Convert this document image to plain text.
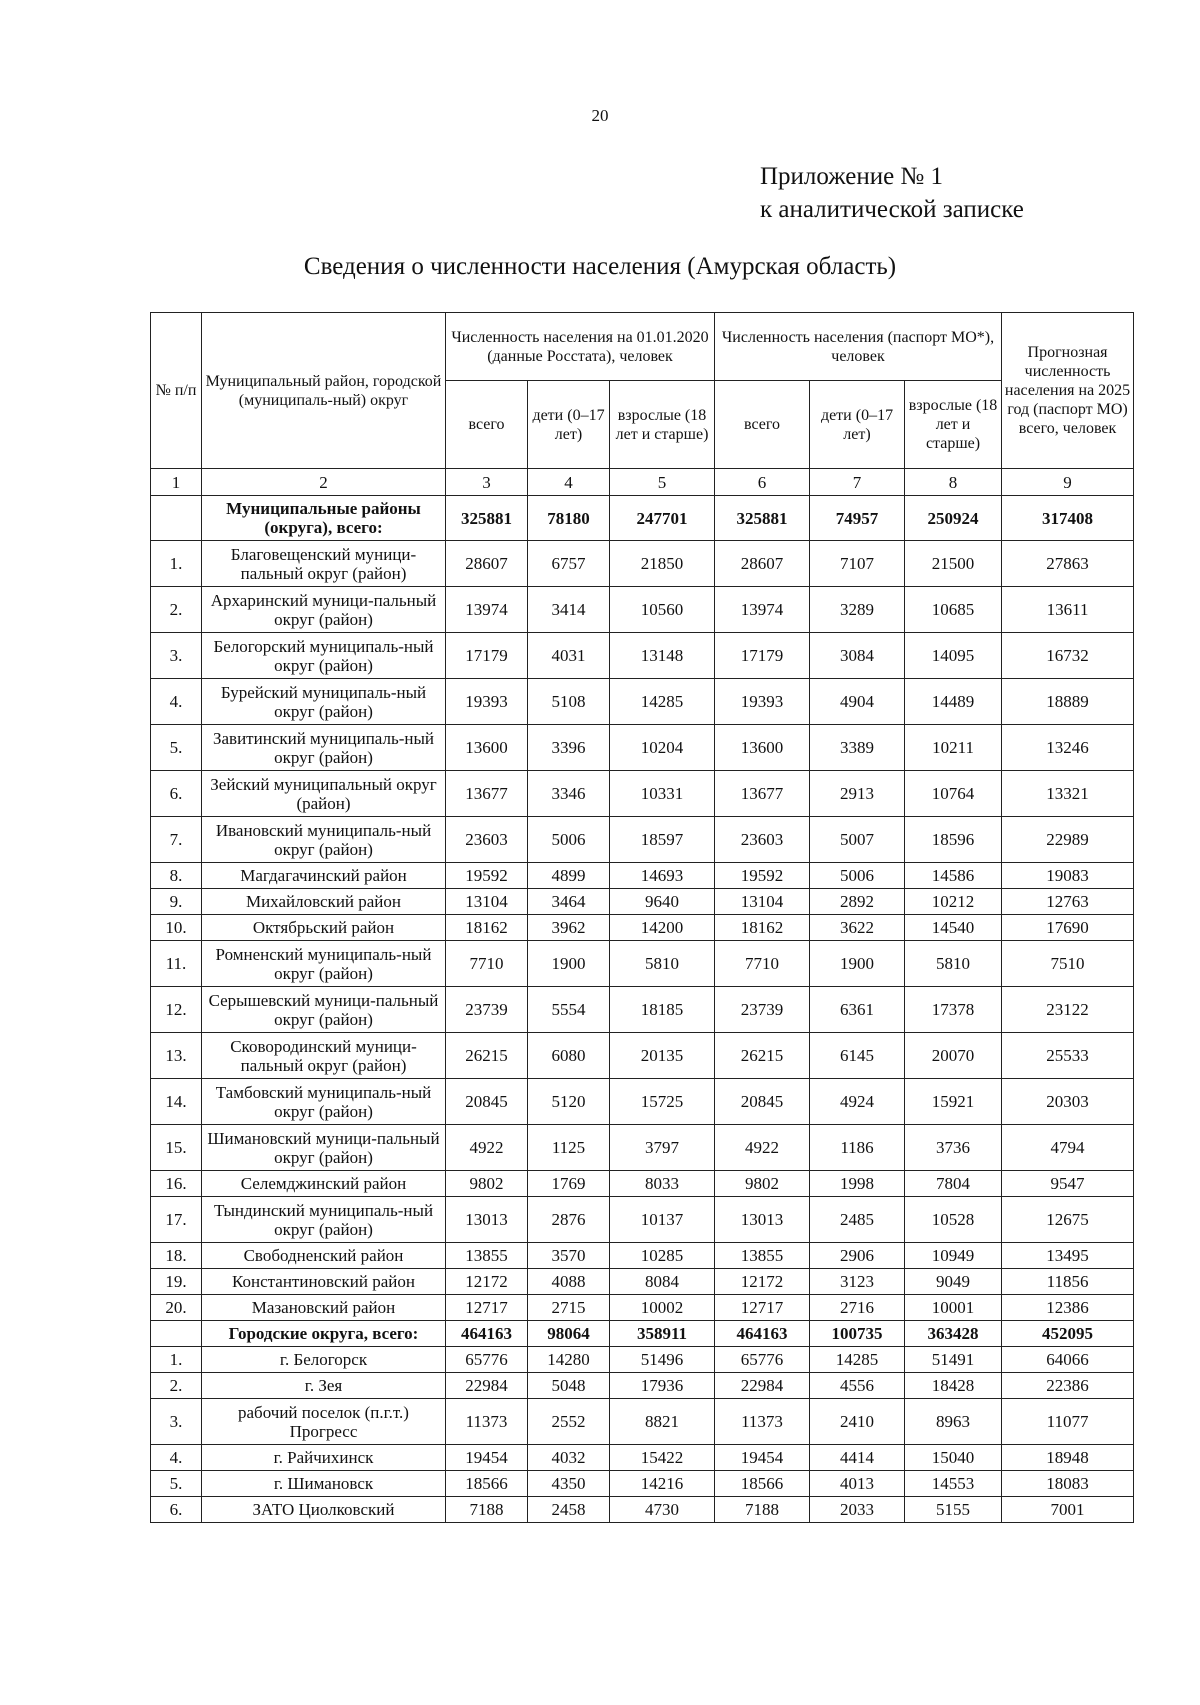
20
Приложение № 1
к аналитической записке
Сведения о численности населения (Амурская область)
№ п/п	Муниципальный район, городской (муниципаль-ный) округ	Численность населения на 01.01.2020 (данные Росстата), человек			Численность населения (паспорт МО*), человек			Прогнозная численность населения на 2025 год (паспорт МО) всего, человек
		всего	дети (0–17 лет)	взрослые (18 лет и старше)	всего	дети (0–17 лет)	взрослые (18 лет и старше)	
1	2	3	4	5	6	7	8	9
	Муниципальные районы (округа), всего:	325881	78180	247701	325881	74957	250924	317408
1.	Благовещенский муници-пальный округ (район)	28607	6757	21850	28607	7107	21500	27863
2.	Архаринский муници-пальный округ (район)	13974	3414	10560	13974	3289	10685	13611
3.	Белогорский муниципаль-ный округ (район)	17179	4031	13148	17179	3084	14095	16732
4.	Бурейский муниципаль-ный округ (район)	19393	5108	14285	19393	4904	14489	18889
5.	Завитинский муниципаль-ный округ (район)	13600	3396	10204	13600	3389	10211	13246
6.	Зейский муниципальный округ (район)	13677	3346	10331	13677	2913	10764	13321
7.	Ивановский муниципаль-ный округ (район)	23603	5006	18597	23603	5007	18596	22989
8.	Магдагачинский район	19592	4899	14693	19592	5006	14586	19083
9.	Михайловский район	13104	3464	9640	13104	2892	10212	12763
10.	Октябрьский район	18162	3962	14200	18162	3622	14540	17690
11.	Ромненский муниципаль-ный округ (район)	7710	1900	5810	7710	1900	5810	7510
12.	Серышевский муници-пальный округ (район)	23739	5554	18185	23739	6361	17378	23122
13.	Сковородинский муници-пальный округ (район)	26215	6080	20135	26215	6145	20070	25533
14.	Тамбовский муниципаль-ный округ (район)	20845	5120	15725	20845	4924	15921	20303
15.	Шимановский муници-пальный округ (район)	4922	1125	3797	4922	1186	3736	4794
16.	Селемджинский район	9802	1769	8033	9802	1998	7804	9547
17.	Тындинский муниципаль-ный округ (район)	13013	2876	10137	13013	2485	10528	12675
18.	Свободненский район	13855	3570	10285	13855	2906	10949	13495
19.	Константиновский район	12172	4088	8084	12172	3123	9049	11856
20.	Мазановский район	12717	2715	10002	12717	2716	10001	12386
	Городские округа, всего:	464163	98064	358911	464163	100735	363428	452095
1.	г. Белогорск	65776	14280	51496	65776	14285	51491	64066
2.	г. Зея	22984	5048	17936	22984	4556	18428	22386
3.	рабочий поселок (п.г.т.) Прогресс	11373	2552	8821	11373	2410	8963	11077
4.	г. Райчихинск	19454	4032	15422	19454	4414	15040	18948
5.	г. Шимановск	18566	4350	14216	18566	4013	14553	18083
6.	ЗАТО Циолковский	7188	2458	4730	7188	2033	5155	7001
